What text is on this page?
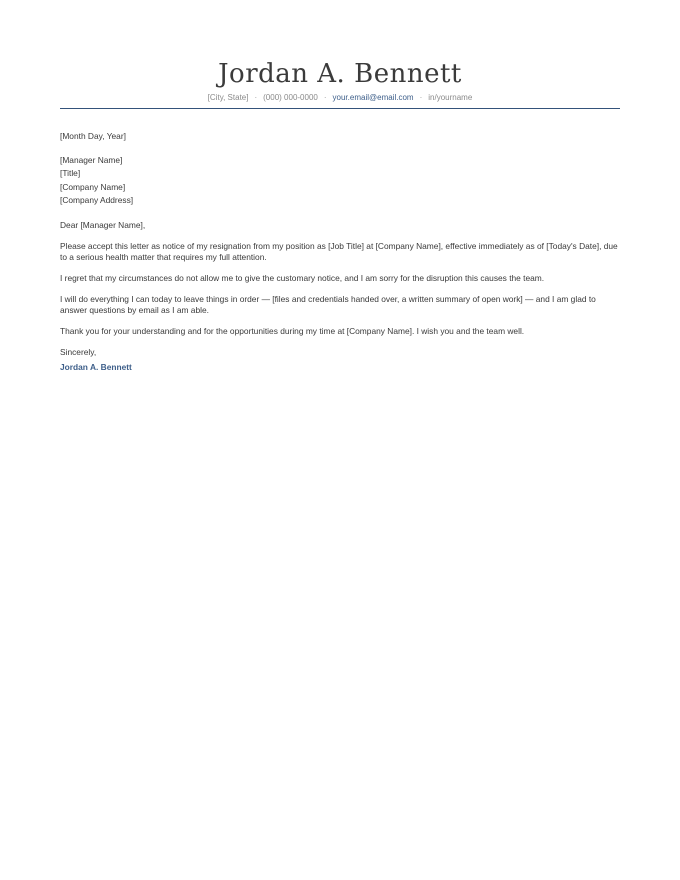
Jordan A. Bennett
[City, State] · (000) 000-0000 · your.email@email.com · in/yourname
[Month Day, Year]
[Manager Name]
[Title]
[Company Name]
[Company Address]
Dear [Manager Name],

Please accept this letter as notice of my resignation from my position as [Job Title] at [Company Name], effective immediately as of [Today's Date], due to a serious health matter that requires my full attention.

I regret that my circumstances do not allow me to give the customary notice, and I am sorry for the disruption this causes the team.

I will do everything I can today to leave things in order — [files and credentials handed over, a written summary of open work] — and I am glad to answer questions by email as I am able.

Thank you for your understanding and for the opportunities during my time at [Company Name]. I wish you and the team well.

Sincerely,
Jordan A. Bennett
